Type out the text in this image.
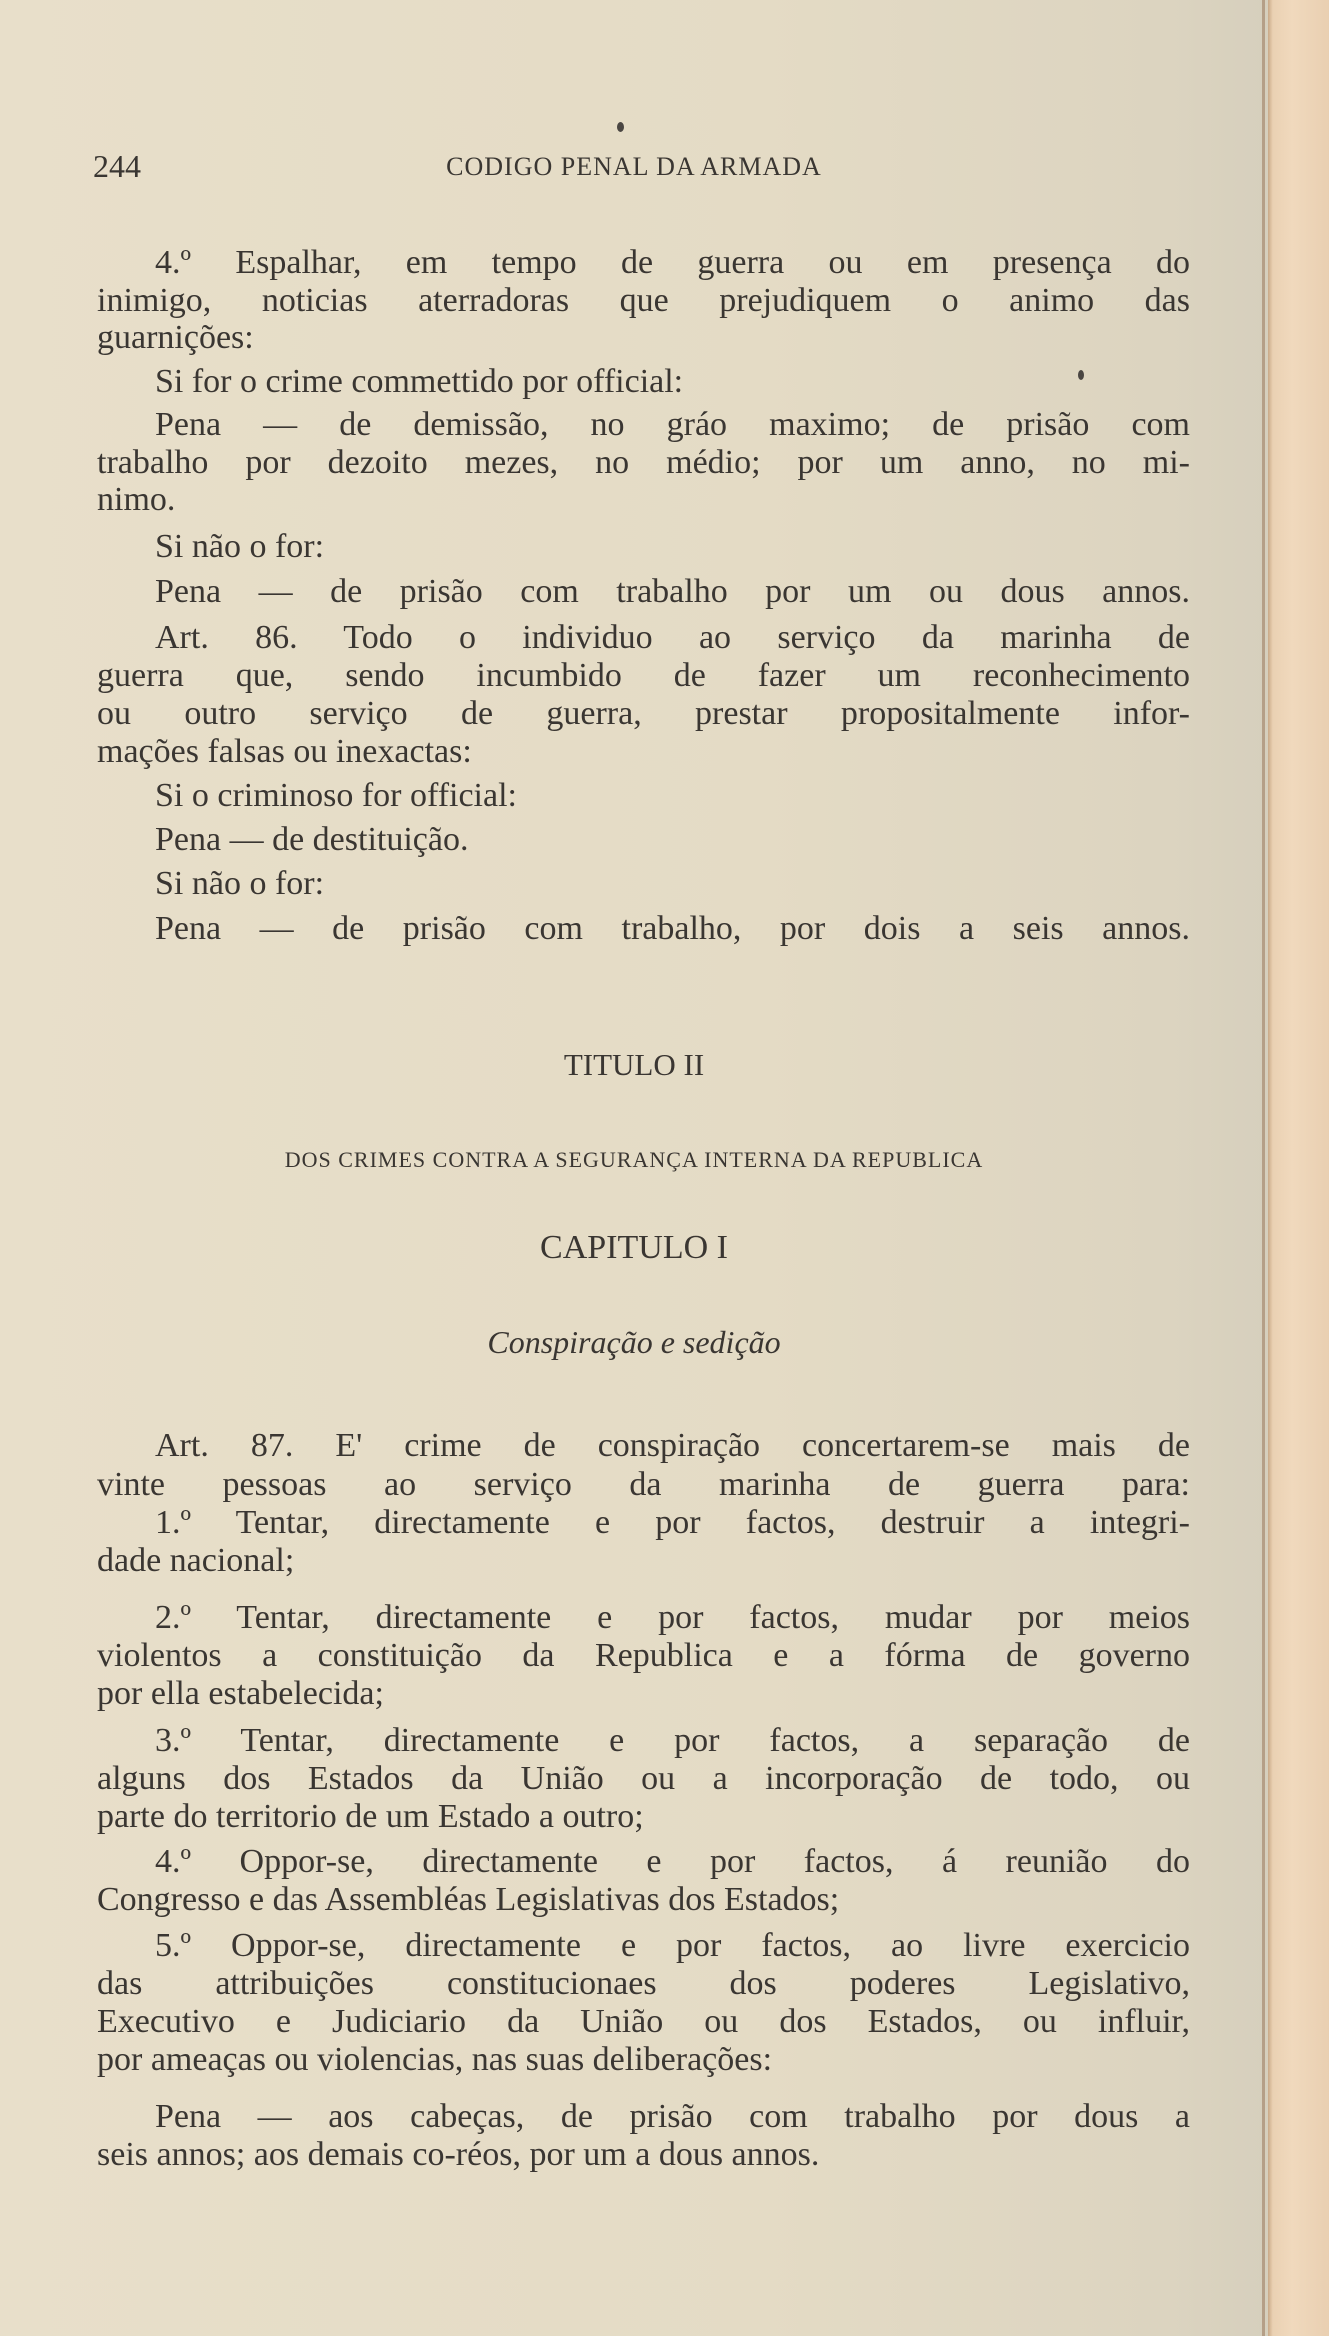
244	CODIGO PENAL DA ARMADA
4.º Espalhar, em tempo de guerra ou em presença do
inimigo, noticias aterradoras que prejudiquem o animo das
guarnições:
Si for o crime commettido por official:
Pena — de demissão, no gráo maximo; de prisão com
trabalho por dezoito mezes, no médio; por um anno, no mi-
nimo.
Si não o for:
Pena — de prisão com trabalho por um ou dous annos.
Art. 86. Todo o individuo ao serviço da marinha de
guerra que, sendo incumbido de fazer um reconhecimento
ou outro serviço de guerra, prestar propositalmente infor-
mações falsas ou inexactas:
Si o criminoso for official:
Pena — de destituição.
Si não o for:
Pena — de prisão com trabalho, por dois a seis annos.
TITULO II
DOS CRIMES CONTRA A SEGURANÇA INTERNA DA REPUBLICA
CAPITULO I
Conspiração e sedição
Art. 87. E' crime de conspiração concertarem-se mais de
vinte pessoas ao serviço da marinha de guerra para:
1.º Tentar, directamente e por factos, destruir a integri-
dade nacional;
2.º Tentar, directamente e por factos, mudar por meios
violentos a constituição da Republica e a fórma de governo
por ella estabelecida;
3.º Tentar, directamente e por factos, a separação de
alguns dos Estados da União ou a incorporação de todo, ou
parte do territorio de um Estado a outro;
4.º Oppor-se, directamente e por factos, á reunião do
Congresso e das Assembléas Legislativas dos Estados;
5.º Oppor-se, directamente e por factos, ao livre exercicio
das attribuições constitucionaes dos poderes Legislativo,
Executivo e Judiciario da União ou dos Estados, ou influir,
por ameaças ou violencias, nas suas deliberações:
Pena — aos cabeças, de prisão com trabalho por dous a
seis annos; aos demais co-réos, por um a dous annos.
